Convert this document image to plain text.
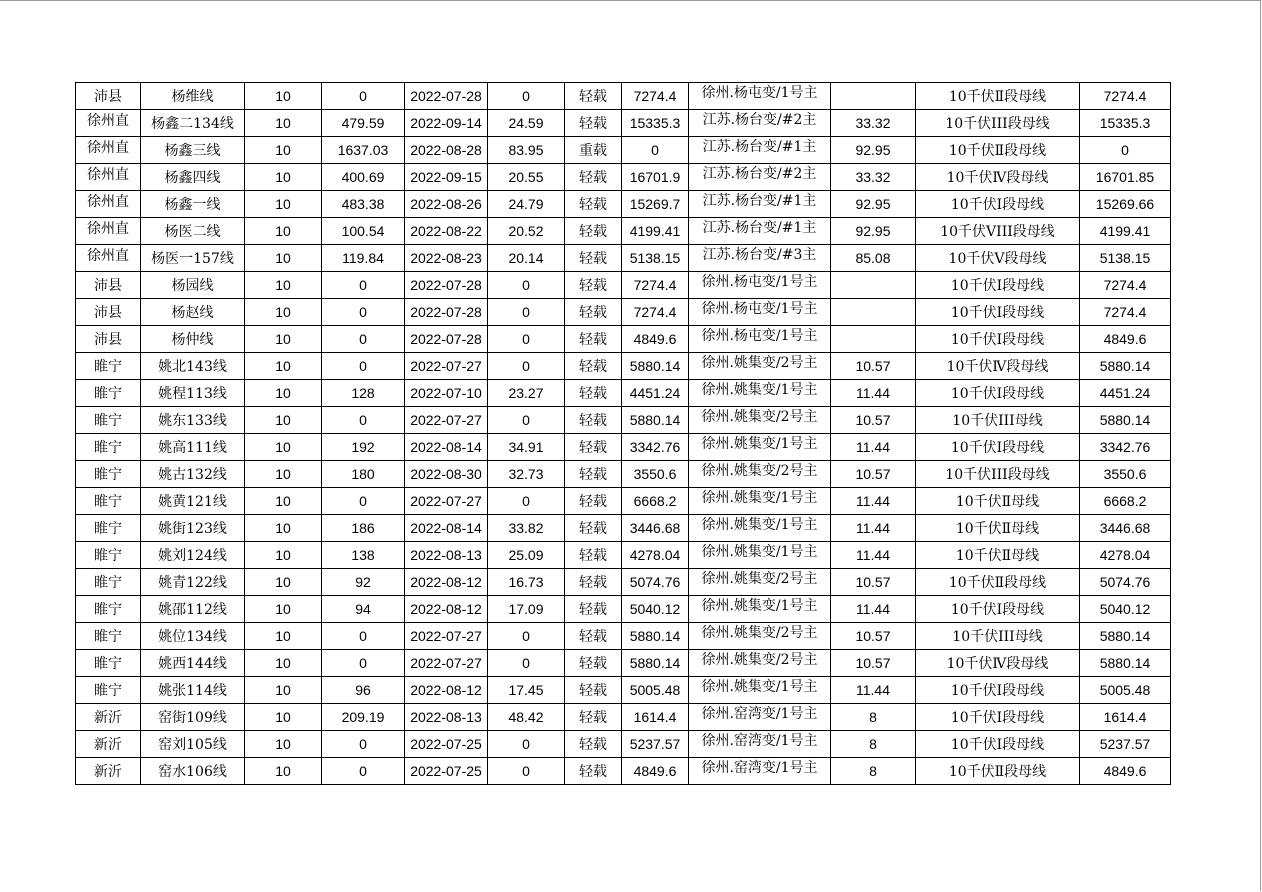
沛县	杨维线	10	0	2022-07-28	0	轻载	7274.4	徐州.杨屯变/1号主		10千伏Ⅱ段母线	7274.4
徐州直	杨鑫二134线	10	479.59	2022-09-14	24.59	轻载	15335.3	江苏.杨台变/#2主	33.32	10千伏III段母线	15335.3
徐州直	杨鑫三线	10	1637.03	2022-08-28	83.95	重载	0	江苏.杨台变/#1主	92.95	10千伏Ⅱ段母线	0
徐州直	杨鑫四线	10	400.69	2022-09-15	20.55	轻载	16701.9	江苏.杨台变/#2主	33.32	10千伏Ⅳ段母线	16701.85
徐州直	杨鑫一线	10	483.38	2022-08-26	24.79	轻载	15269.7	江苏.杨台变/#1主	92.95	10千伏Ⅰ段母线	15269.66
徐州直	杨医二线	10	100.54	2022-08-22	20.52	轻载	4199.41	江苏.杨台变/#1主	92.95	10千伏VIII段母线	4199.41
徐州直	杨医一157线	10	119.84	2022-08-23	20.14	轻载	5138.15	江苏.杨台变/#3主	85.08	10千伏Ⅴ段母线	5138.15
沛县	杨园线	10	0	2022-07-28	0	轻载	7274.4	徐州.杨屯变/1号主		10千伏Ⅰ段母线	7274.4
沛县	杨赵线	10	0	2022-07-28	0	轻载	7274.4	徐州.杨屯变/1号主		10千伏Ⅰ段母线	7274.4
沛县	杨仲线	10	0	2022-07-28	0	轻载	4849.6	徐州.杨屯变/1号主		10千伏Ⅰ段母线	4849.6
睢宁	姚北143线	10	0	2022-07-27	0	轻载	5880.14	徐州.姚集变/2号主	10.57	10千伏Ⅳ段母线	5880.14
睢宁	姚程113线	10	128	2022-07-10	23.27	轻载	4451.24	徐州.姚集变/1号主	11.44	10千伏Ⅰ段母线	4451.24
睢宁	姚东133线	10	0	2022-07-27	0	轻载	5880.14	徐州.姚集变/2号主	10.57	10千伏III母线	5880.14
睢宁	姚高111线	10	192	2022-08-14	34.91	轻载	3342.76	徐州.姚集变/1号主	11.44	10千伏Ⅰ段母线	3342.76
睢宁	姚古132线	10	180	2022-08-30	32.73	轻载	3550.6	徐州.姚集变/2号主	10.57	10千伏III段母线	3550.6
睢宁	姚黄121线	10	0	2022-07-27	0	轻载	6668.2	徐州.姚集变/1号主	11.44	10千伏Ⅱ母线	6668.2
睢宁	姚街123线	10	186	2022-08-14	33.82	轻载	3446.68	徐州.姚集变/1号主	11.44	10千伏Ⅱ母线	3446.68
睢宁	姚刘124线	10	138	2022-08-13	25.09	轻载	4278.04	徐州.姚集变/1号主	11.44	10千伏Ⅱ母线	4278.04
睢宁	姚青122线	10	92	2022-08-12	16.73	轻载	5074.76	徐州.姚集变/2号主	10.57	10千伏Ⅱ段母线	5074.76
睢宁	姚邵112线	10	94	2022-08-12	17.09	轻载	5040.12	徐州.姚集变/1号主	11.44	10千伏Ⅰ段母线	5040.12
睢宁	姚位134线	10	0	2022-07-27	0	轻载	5880.14	徐州.姚集变/2号主	10.57	10千伏III母线	5880.14
睢宁	姚西144线	10	0	2022-07-27	0	轻载	5880.14	徐州.姚集变/2号主	10.57	10千伏Ⅳ段母线	5880.14
睢宁	姚张114线	10	96	2022-08-12	17.45	轻载	5005.48	徐州.姚集变/1号主	11.44	10千伏Ⅰ段母线	5005.48
新沂	窑街109线	10	209.19	2022-08-13	48.42	轻载	1614.4	徐州.窑湾变/1号主	8	10千伏Ⅰ段母线	1614.4
新沂	窑刘105线	10	0	2022-07-25	0	轻载	5237.57	徐州.窑湾变/1号主	8	10千伏Ⅰ段母线	5237.57
新沂	窑水106线	10	0	2022-07-25	0	轻载	4849.6	徐州.窑湾变/1号主	8	10千伏Ⅱ段母线	4849.6
